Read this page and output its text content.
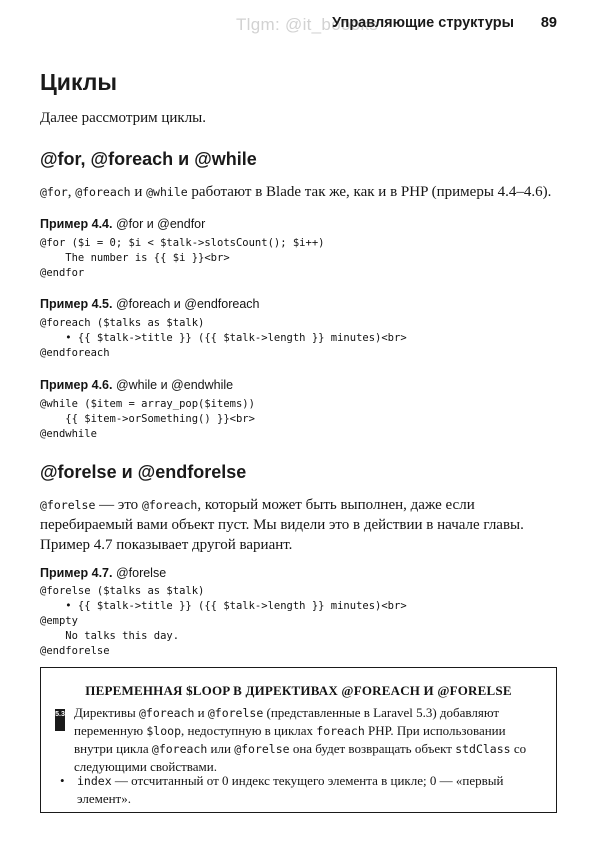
Tlgm: @it_boooks
Управляющие структуры 89
Циклы
Далее рассмотрим циклы.
@for, @foreach и @while
@for, @foreach и @while работают в Blade так же, как и в PHP (примеры 4.4–4.6).
Пример 4.4. @for и @endfor
@for ($i = 0; $i < $talk->slotsCount(); $i++)
The number is {{ $i }}<br>
@endfor
Пример 4.5. @foreach и @endforeach
@foreach ($talks as $talk)
• {{ $talk->title }} ({{ $talk->length }} minutes)<br>
@endforeach
Пример 4.6. @while и @endwhile
@while ($item = array_pop($items))
{{ $item->orSomething() }}<br>
@endwhile
@forelse и @endforelse
@forelse — это @foreach, который может быть выполнен, даже если перебираемый вами объект пуст. Мы видели это в действии в начале главы. Пример 4.7 показывает другой вариант.
Пример 4.7. @forelse
@forelse ($talks as $talk)
• {{ $talk->title }} ({{ $talk->length }} minutes)<br>
@empty
No talks this day.
@endforelse
ПЕРЕМЕННАЯ $LOOP В ДИРЕКТИВАХ @FOREACH И @FORELSE
5.3 Директивы @foreach и @forelse (представленные в Laravel 5.3) добавляют переменную $loop, недоступную в циклах foreach PHP. При использовании внутри цикла @foreach или @forelse она будет возвращать объект stdClass со следующими свойствами.
• index — отсчитанный от 0 индекс текущего элемента в цикле; 0 — «первый элемент».
